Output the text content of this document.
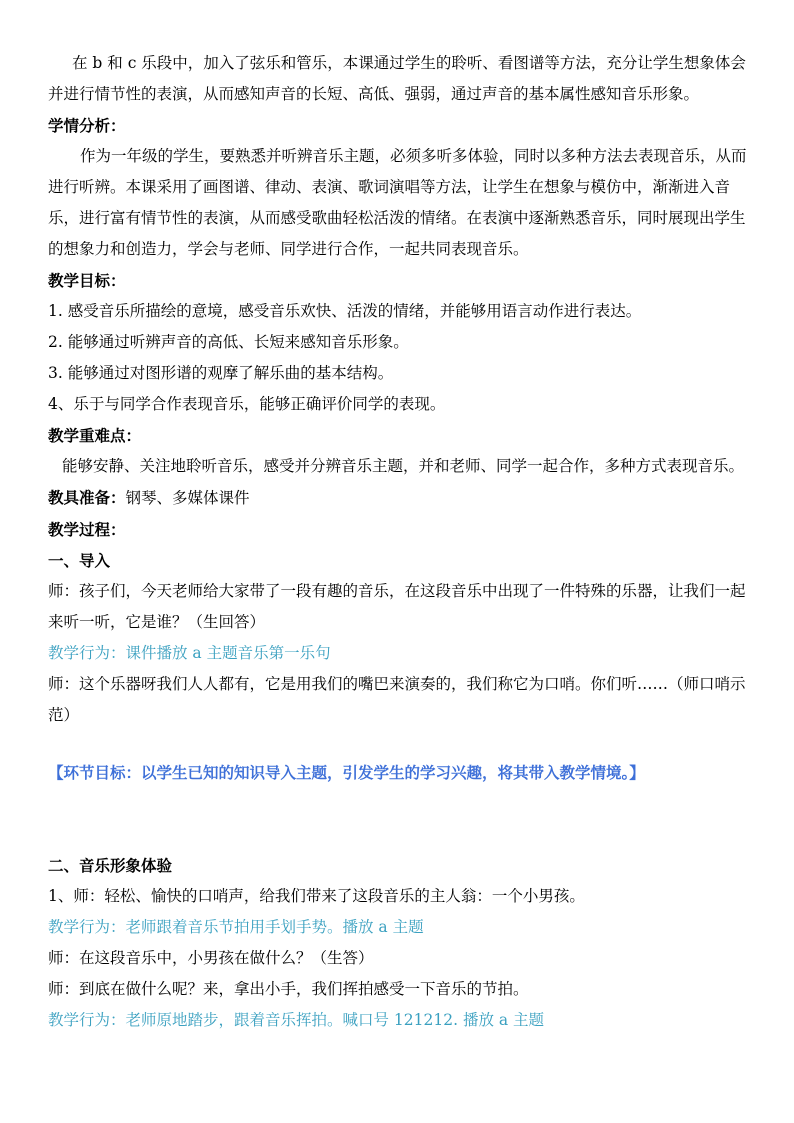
在 b 和 c 乐段中，加入了弦乐和管乐，本课通过学生的聆听、看图谱等方法，充分让学生想象体会并进行情节性的表演，从而感知声音的长短、高低、强弱，通过声音的基本属性感知音乐形象。

学情分析：

作为一年级的学生，要熟悉并听辨音乐主题，必须多听多体验，同时以多种方法去表现音乐，从而进行听辨。本课采用了画图谱、律动、表演、歌词演唱等方法，让学生在想象与模仿中，渐渐进入音乐，进行富有情节性的表演，从而感受歌曲轻松活泼的情绪。在表演中逐渐熟悉音乐，同时展现出学生的想象力和创造力，学会与老师、同学进行合作，一起共同表现音乐。

教学目标：

1. 感受音乐所描绘的意境，感受音乐欢快、活泼的情绪，并能够用语言动作进行表达。

2. 能够通过听辨声音的高低、长短来感知音乐形象。

3. 能够通过对图形谱的观摩了解乐曲的基本结构。

4、乐于与同学合作表现音乐，能够正确评价同学的表现。

教学重难点：

能够安静、关注地聆听音乐，感受并分辨音乐主题，并和老师、同学一起合作，多种方式表现音乐。

教具准备：钢琴、多媒体课件

教学过程：

一、导入

师：孩子们，今天老师给大家带了一段有趣的音乐，在这段音乐中出现了一件特殊的乐器，让我们一起来听一听，它是谁？（生回答）

教学行为：课件播放 a 主题音乐第一乐句

师：这个乐器呀我们人人都有，它是用我们的嘴巴来演奏的，我们称它为口哨。你们听……（师口哨示范）

【环节目标：以学生已知的知识导入主题，引发学生的学习兴趣，将其带入教学情境。】

二、音乐形象体验

1、师：轻松、愉快的口哨声，给我们带来了这段音乐的主人翁：一个小男孩。

教学行为：老师跟着音乐节拍用手划手势。播放 a 主题

师：在这段音乐中，小男孩在做什么？（生答）

师：到底在做什么呢？来，拿出小手，我们挥拍感受一下音乐的节拍。

教学行为：老师原地踏步，跟着音乐挥拍。喊口号 121212. 播放 a 主题
